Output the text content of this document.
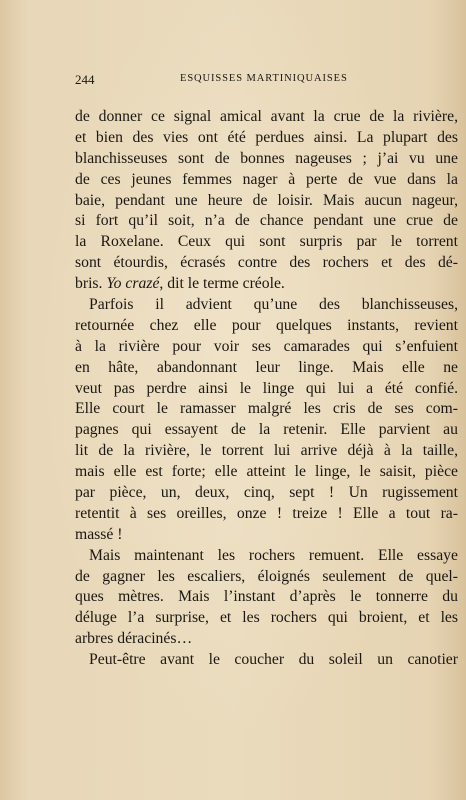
244	ESQUISSES MARTINIQUAISES
de donner ce signal amical avant la crue de la rivière,
et bien des vies ont été perdues ainsi. La plupart des
blanchisseuses sont de bonnes nageuses ; j’ai vu une
de ces jeunes femmes nager à perte de vue dans la
baie, pendant une heure de loisir. Mais aucun nageur,
si fort qu’il soit, n’a de chance pendant une crue de
la Roxelane. Ceux qui sont surpris par le torrent
sont étourdis, écrasés contre des rochers et des dé-
bris. Yo crazé, dit le terme créole.
Parfois il advient qu’une des blanchisseuses,
retournée chez elle pour quelques instants, revient
à la rivière pour voir ses camarades qui s’enfuient
en hâte, abandonnant leur linge. Mais elle ne
veut pas perdre ainsi le linge qui lui a été confié.
Elle court le ramasser malgré les cris de ses com-
pagnes qui essayent de la retenir. Elle parvient au
lit de la rivière, le torrent lui arrive déjà à la taille,
mais elle est forte; elle atteint le linge, le saisit, pièce
par pièce, un, deux, cinq, sept ! Un rugissement
retentit à ses oreilles, onze ! treize ! Elle a tout ra-
massé !
Mais maintenant les rochers remuent. Elle essaye
de gagner les escaliers, éloignés seulement de quel-
ques mètres. Mais l’instant d’après le tonnerre du
déluge l’a surprise, et les rochers qui broient, et les
arbres déracinés…
Peut-être avant le coucher du soleil un canotier
